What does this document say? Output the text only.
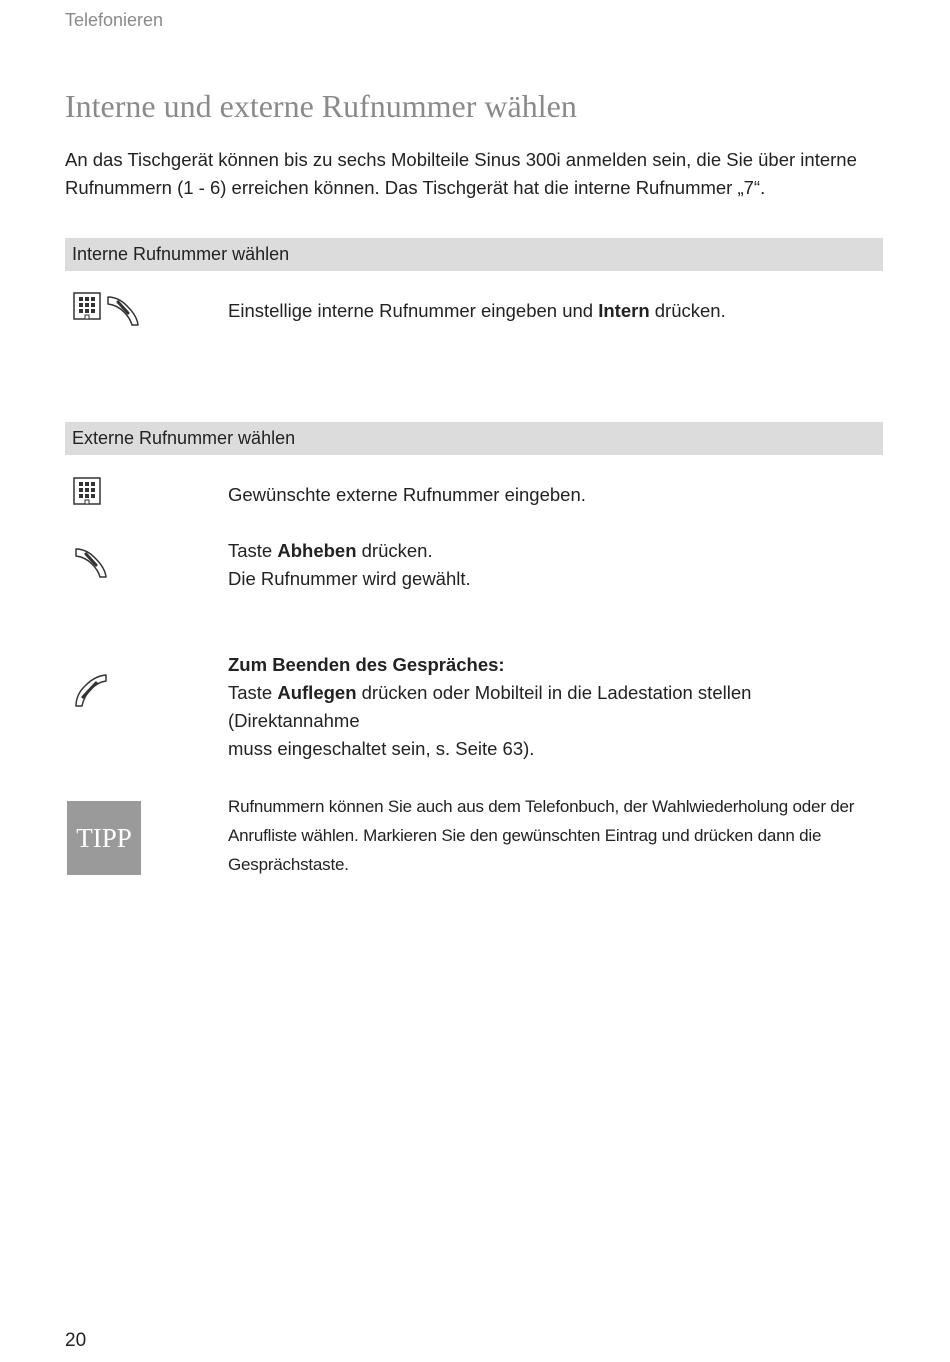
Telefonieren
Interne und externe Rufnummer wählen

An das Tischgerät können bis zu sechs Mobilteile Sinus 300i anmelden sein, die Sie über interne

Rufnummern (1 - 6) erreichen können. Das Tischgerät hat die interne Rufnummer „7“.

Interne Rufnummer wählen

Einstellige interne Rufnummer eingeben und Intern drücken.

Externe Rufnummer wählen

Gewünschte externe Rufnummer eingeben.

Taste Abheben drücken.

Die Rufnummer wird gewählt.

Zum Beenden des Gespräches:

Taste Auflegen drücken oder Mobilteil in die Ladestation stellen (Direktannahme

muss eingeschaltet sein, s. Seite 63).

TIPP
Rufnummern können Sie auch aus dem Telefonbuch, der Wahlwiederholung oder der
Anrufliste wählen. Markieren Sie den gewünschten Eintrag und drücken dann die
Gesprächstaste.
20
